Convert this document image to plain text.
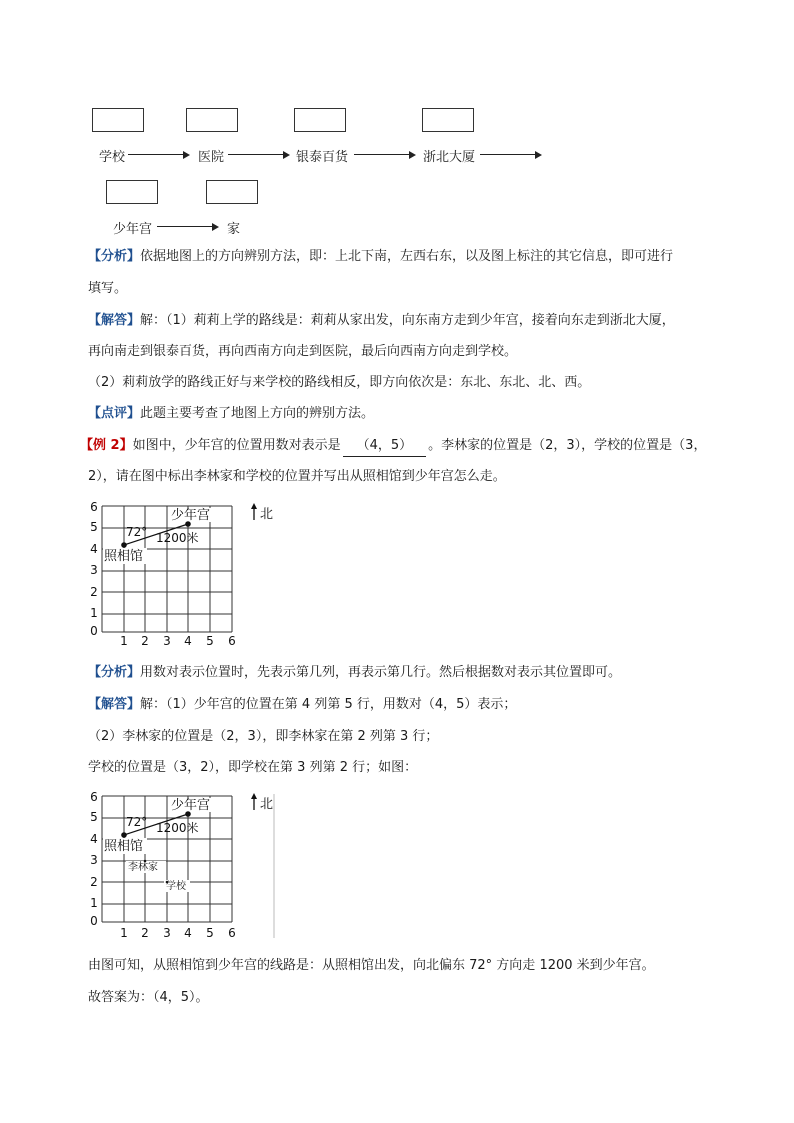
学校	医院	银泰百货	浙北大厦
少年宫	家
【分析】依据地图上的方向辨别方法，即：上北下南，左西右东，以及图上标注的其它信息，即可进行
填写。
【解答】解：（1）莉莉上学的路线是：莉莉从家出发，向东南方走到少年宫，接着向东走到浙北大厦，
再向南走到银泰百货，再向西南方向走到医院，最后向西南方向走到学校。
（2）莉莉放学的路线正好与来学校的路线相反，即方向依次是：东北、东北、北、西。
【点评】此题主要考查了地图上方向的辨别方法。
【例 2】如图中，少年宫的位置用数对表示是 （4，5） 。李林家的位置是（2，3），学校的位置是（3，
2），请在图中标出李林家和学校的位置并写出从照相馆到少年宫怎么走。
6
5
4
3
2
1
0
1 2 3 4 5 6
少年宫
照相馆
72° 1200米
北
【分析】用数对表示位置时，先表示第几列，再表示第几行。然后根据数对表示其位置即可。
【解答】解：（1）少年宫的位置在第 4 列第 5 行，用数对（4，5）表示；
（2）李林家的位置是（2，3），即李林家在第 2 列第 3 行；
学校的位置是（3，2），即学校在第 3 列第 2 行；如图：
6
5
4
3
2
1
0
1 2 3 4 5 6
少年宫
照相馆
72° 1200米
李林家
学校
北
由图可知，从照相馆到少年宫的线路是：从照相馆出发，向北偏东 72° 方向走 1200 米到少年宫。
故答案为：（4，5）。
